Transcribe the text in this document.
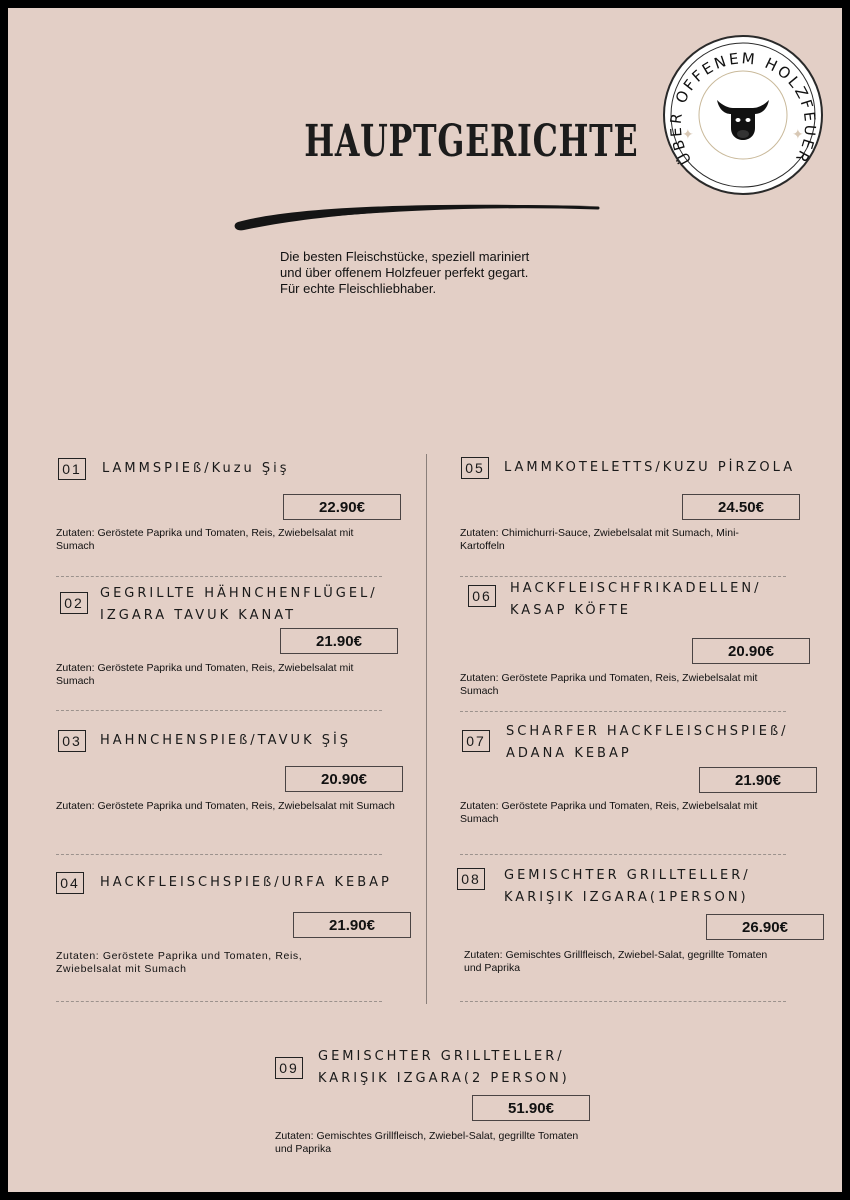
HAUPTGERICHTE
Die besten Fleischstücke, speziell mariniert
und über offenem Holzfeuer perfekt gegart.
Für echte Fleischliebhaber.
ÜBER OFFENEM HOLZFEUER
✦	✦
01	LAMMSPIEß/Kuzu Şiş
22.90€
Zutaten: Geröstete Paprika und Tomaten, Reis, Zwiebelsalat mit
Sumach
02
GEGRILLTE HÄHNCHENFLÜGEL/
IZGARA TAVUK KANAT
21.90€
Zutaten: Geröstete Paprika und Tomaten, Reis, Zwiebelsalat mit
Sumach
03	HAHNCHENSPIEß/TAVUK ŞİŞ
20.90€
Zutaten: Geröstete Paprika und Tomaten, Reis, Zwiebelsalat mit Sumach
04	HACKFLEISCHSPIEß/URFA KEBAP
21.90€
Zutaten: Geröstete Paprika und Tomaten, Reis,
Zwiebelsalat mit Sumach
05	LAMMKOTELETTS/KUZU PİRZOLA
24.50€
Zutaten: Chimichurri-Sauce, Zwiebelsalat mit Sumach, Mini-
Kartoffeln
06	HACKFLEISCHFRIKADELLEN/
KASAP KÖFTE
20.90€
Zutaten: Geröstete Paprika und Tomaten, Reis, Zwiebelsalat mit
Sumach
07
SCHARFER HACKFLEISCHSPIEß/
ADANA KEBAP
21.90€
Zutaten: Geröstete Paprika und Tomaten, Reis, Zwiebelsalat mit
Sumach
08	GEMISCHTER GRILLTELLER/
KARIŞIK IZGARA(1PERSON)
26.90€
Zutaten: Gemischtes Grillfleisch, Zwiebel-Salat, gegrillte Tomaten
und Paprika
09
GEMISCHTER GRILLTELLER/
KARIŞIK IZGARA(2 PERSON)
51.90€
Zutaten: Gemischtes Grillfleisch, Zwiebel-Salat, gegrillte Tomaten
und Paprika
